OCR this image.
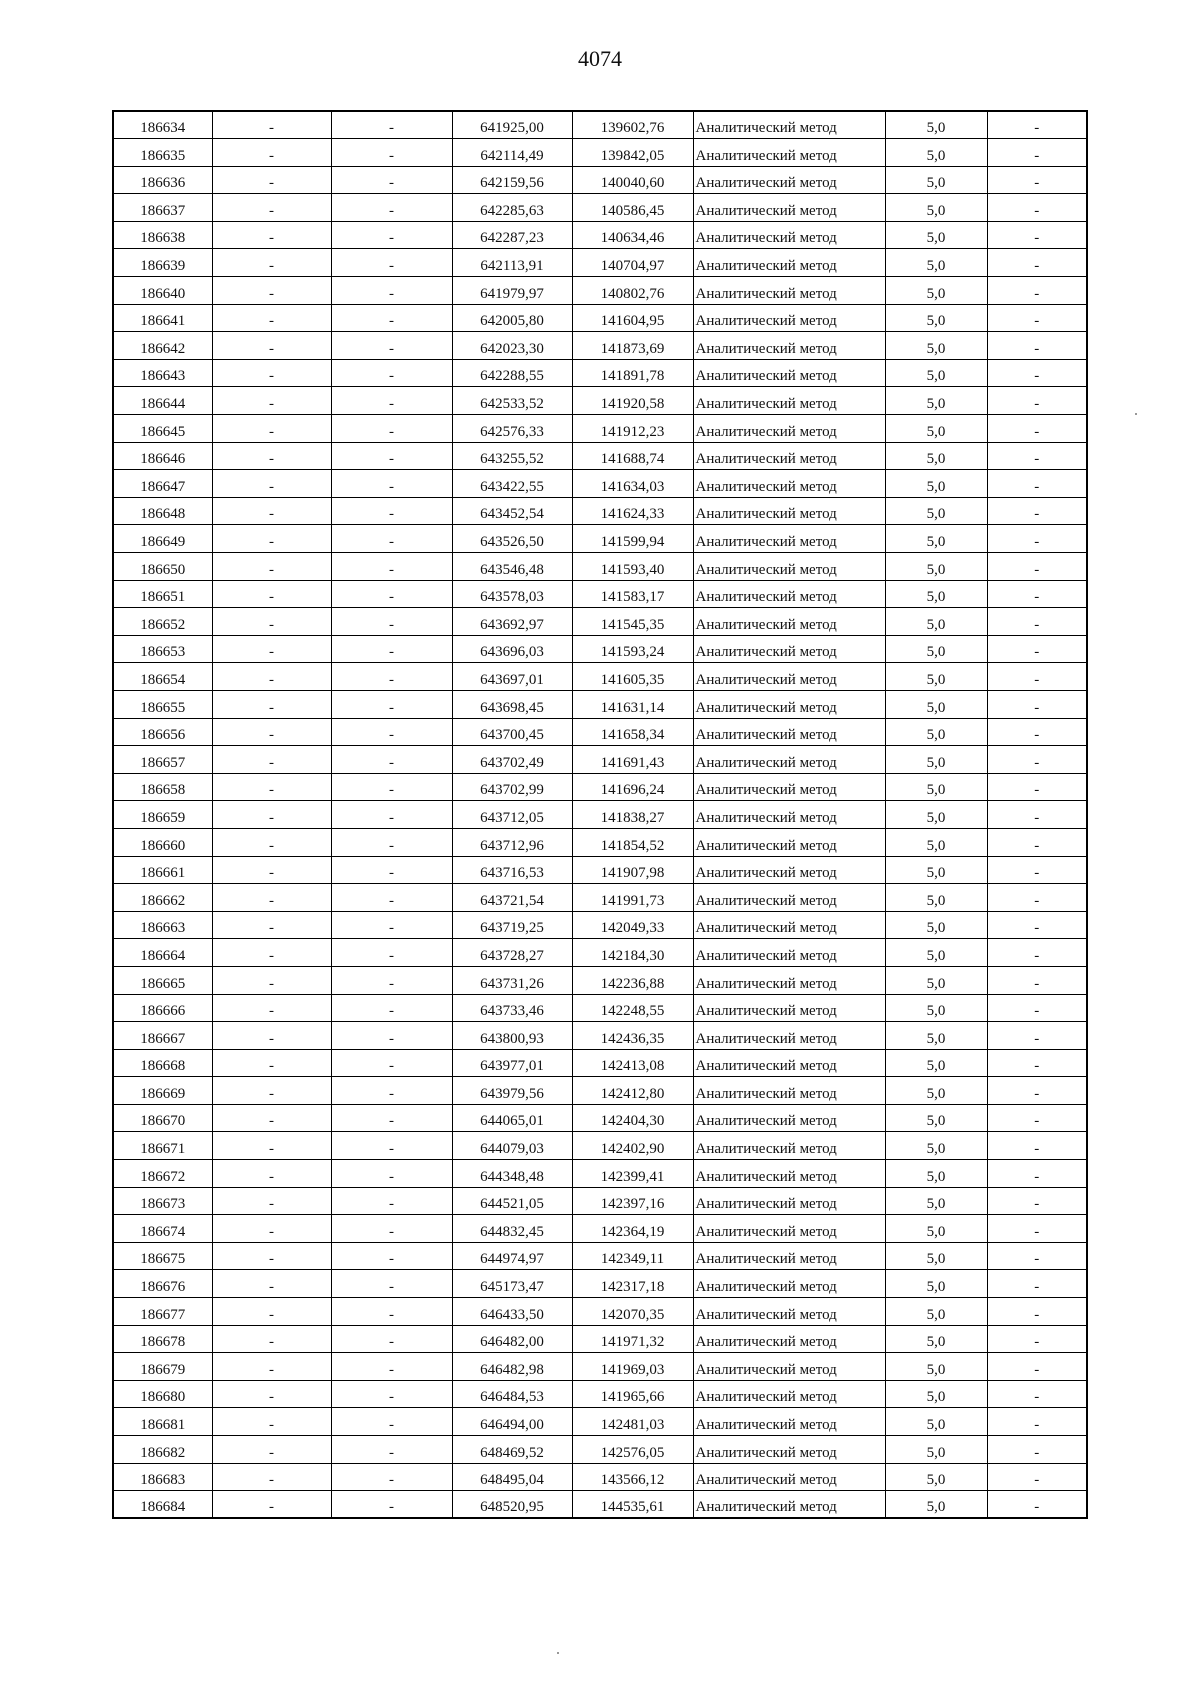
4074
186634	-	-	641925,00	139602,76	Аналитический метод	5,0	-
186635	-	-	642114,49	139842,05	Аналитический метод	5,0	-
186636	-	-	642159,56	140040,60	Аналитический метод	5,0	-
186637	-	-	642285,63	140586,45	Аналитический метод	5,0	-
186638	-	-	642287,23	140634,46	Аналитический метод	5,0	-
186639	-	-	642113,91	140704,97	Аналитический метод	5,0	-
186640	-	-	641979,97	140802,76	Аналитический метод	5,0	-
186641	-	-	642005,80	141604,95	Аналитический метод	5,0	-
186642	-	-	642023,30	141873,69	Аналитический метод	5,0	-
186643	-	-	642288,55	141891,78	Аналитический метод	5,0	-
186644	-	-	642533,52	141920,58	Аналитический метод	5,0	-
186645	-	-	642576,33	141912,23	Аналитический метод	5,0	-
186646	-	-	643255,52	141688,74	Аналитический метод	5,0	-
186647	-	-	643422,55	141634,03	Аналитический метод	5,0	-
186648	-	-	643452,54	141624,33	Аналитический метод	5,0	-
186649	-	-	643526,50	141599,94	Аналитический метод	5,0	-
186650	-	-	643546,48	141593,40	Аналитический метод	5,0	-
186651	-	-	643578,03	141583,17	Аналитический метод	5,0	-
186652	-	-	643692,97	141545,35	Аналитический метод	5,0	-
186653	-	-	643696,03	141593,24	Аналитический метод	5,0	-
186654	-	-	643697,01	141605,35	Аналитический метод	5,0	-
186655	-	-	643698,45	141631,14	Аналитический метод	5,0	-
186656	-	-	643700,45	141658,34	Аналитический метод	5,0	-
186657	-	-	643702,49	141691,43	Аналитический метод	5,0	-
186658	-	-	643702,99	141696,24	Аналитический метод	5,0	-
186659	-	-	643712,05	141838,27	Аналитический метод	5,0	-
186660	-	-	643712,96	141854,52	Аналитический метод	5,0	-
186661	-	-	643716,53	141907,98	Аналитический метод	5,0	-
186662	-	-	643721,54	141991,73	Аналитический метод	5,0	-
186663	-	-	643719,25	142049,33	Аналитический метод	5,0	-
186664	-	-	643728,27	142184,30	Аналитический метод	5,0	-
186665	-	-	643731,26	142236,88	Аналитический метод	5,0	-
186666	-	-	643733,46	142248,55	Аналитический метод	5,0	-
186667	-	-	643800,93	142436,35	Аналитический метод	5,0	-
186668	-	-	643977,01	142413,08	Аналитический метод	5,0	-
186669	-	-	643979,56	142412,80	Аналитический метод	5,0	-
186670	-	-	644065,01	142404,30	Аналитический метод	5,0	-
186671	-	-	644079,03	142402,90	Аналитический метод	5,0	-
186672	-	-	644348,48	142399,41	Аналитический метод	5,0	-
186673	-	-	644521,05	142397,16	Аналитический метод	5,0	-
186674	-	-	644832,45	142364,19	Аналитический метод	5,0	-
186675	-	-	644974,97	142349,11	Аналитический метод	5,0	-
186676	-	-	645173,47	142317,18	Аналитический метод	5,0	-
186677	-	-	646433,50	142070,35	Аналитический метод	5,0	-
186678	-	-	646482,00	141971,32	Аналитический метод	5,0	-
186679	-	-	646482,98	141969,03	Аналитический метод	5,0	-
186680	-	-	646484,53	141965,66	Аналитический метод	5,0	-
186681	-	-	646494,00	142481,03	Аналитический метод	5,0	-
186682	-	-	648469,52	142576,05	Аналитический метод	5,0	-
186683	-	-	648495,04	143566,12	Аналитический метод	5,0	-
186684	-	-	648520,95	144535,61	Аналитический метод	5,0	-
